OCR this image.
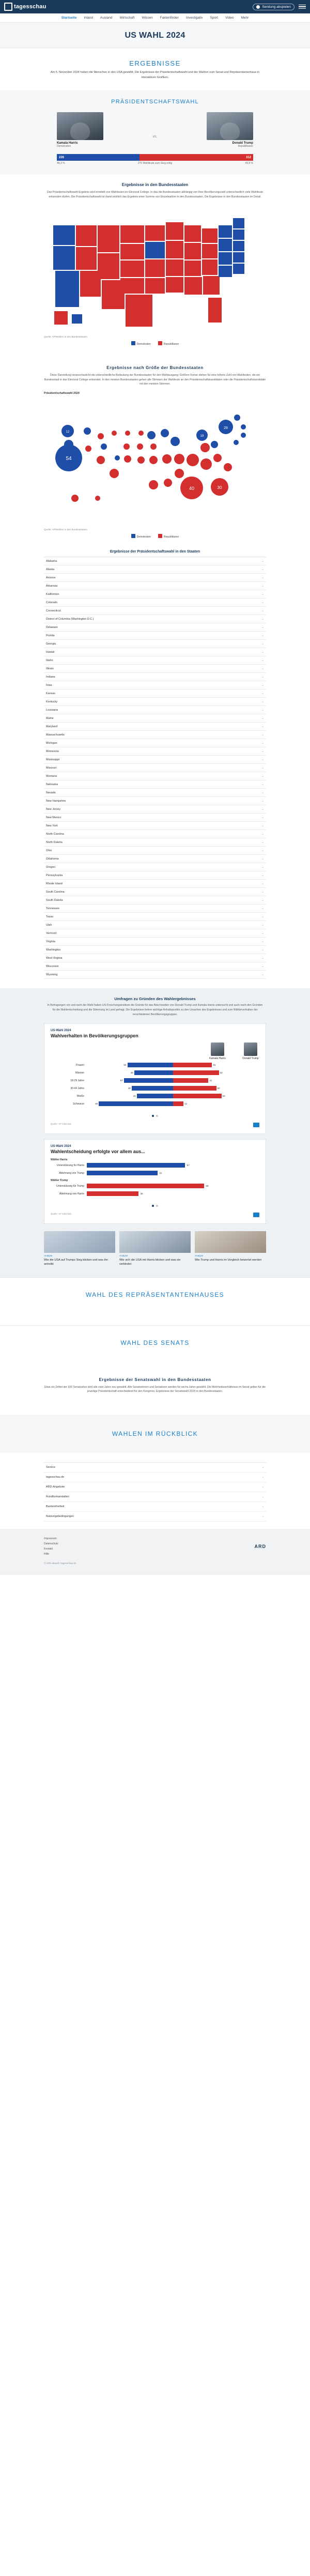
tagesschau	Sendung abspielen
Startseite Inland Ausland Wirtschaft Wissen Faktenfinder Investigativ Sport Video Mehr
US WAHL 2024
ERGEBNISSE

Am 5. November 2024 haben die Menschen in den USA gewählt. Die Ergebnisse der Präsidentschaftswahl und der Wahlen zum Senat und Repräsentantenhaus in interaktiven Grafiken.

PRÄSIDENTSCHAFTSWAHL
Kamala Harris
Demokraten
vs.
Donald Trump
Republikaner
226	312
48,3 %	270 Wahlleute zum Sieg nötig	49,9 %
Ergebnisse in den Bundesstaaten

Das Präsidentschaftswahl-Ergebnis wird ermittelt von Wahlleuten im Electoral College. In das die Bundesstaaten abhängig von ihrer Bevölkerungszahl unterschiedlich viele Wahlleute entsenden dürfen. Die Präsidentschaftswahl ist damit letztlich das Ergebnis einer Summe von Einzelwahlen in den Bundesstaaten. Die Ergebnisse in den Bundesstaaten im Detail.

Quelle: AP/Wahlen in den Bundesstaaten
Demokraten	Republikaner
Ergebnisse nach Größe der Bundesstaaten

Diese Darstellung veranschaulicht die unterschiedliche Bedeutung der Bundesstaaten für den Wahlausgang: Größere Kreise stehen für eine höhere Zahl von Wahlleuten, die ein Bundesstaat in das Electoral College entsendet. In den meisten Bundesstaaten gehen alle Stimmen der Wahlleute an den Präsidentschaftskandidaten oder die Präsidentschaftskandidatin mit den meisten Stimmen.

Präsidentschaftswahl 2024
54
12
28
19
40	30
Quelle: AP/Wahlen in den Bundesstaaten
Demokraten	Republikaner
Ergebnisse der Präsidentschaftswahl in den Staaten
Alabama	⌄
Alaska	⌄
Arizona	⌄
Arkansas	⌄
Kalifornien	⌄
Colorado	⌄
Connecticut	⌄
District of Columbia (Washington D.C.)	⌄
Delaware	⌄
Florida	⌄
Georgia	⌄
Hawaii	⌄
Idaho	⌄
Illinois	⌄
Indiana	⌄
Iowa	⌄
Kansas	⌄
Kentucky	⌄
Louisiana	⌄
Maine	⌄
Maryland	⌄
Massachusetts	⌄
Michigan	⌄
Minnesota	⌄
Mississippi	⌄
Missouri	⌄
Montana	⌄
Nebraska	⌄
Nevada	⌄
New Hampshire	⌄
New Jersey	⌄
New Mexico	⌄
New York	⌄
North Carolina	⌄
North Dakota	⌄
Ohio	⌄
Oklahoma	⌄
Oregon	⌄
Pennsylvania	⌄
Rhode Island	⌄
South Carolina	⌄
South Dakota	⌄
Tennessee	⌄
Texas	⌄
Utah	⌄
Vermont	⌄
Virginia	⌄
Washington	⌄
West Virginia	⌄
Wisconsin	⌄
Wyoming	⌄
Umfragen zu Gründen des Wahlergebnisses
In Befragungen vor und nach der Wahl haben US-Forschungsinstitute die Gründe für das Abschneiden von Donald Trump und Kamala Harris untersucht und auch nach den Gründen für die Wahlentscheidung und die Stimmung im Land gefragt. Die Ergebnisse liefern wichtige Anhaltspunkte zu den Ursachen des Ergebnisses und zum Wählerverhalten der verschiedenen Bevölkerungsgruppen.
US-Wahl 2024
Wahlverhalten in Bevölkerungsgruppen
Kamala Harris	Donald Trump
Frauen	53	45
Männer	45	53
18-29 Jahre	57	41
30-44 Jahre	48	50
Weiße	42	56
Schwarze	86	12
Quelle: AP VoteCast
US-Wahl 2024
Wahlentscheidung erfolgte vor allem aus...
Wähler Harris
Unterstützung für Harris	57
Ablehnung von Trump	41
Wähler Trump
Unterstützung für Trump	68
Ablehnung von Harris	30
Quelle: AP VoteCast
Analyse
Wie die USA auf Trumps Sieg blicken und was ihn antreibt
Analyse
Wie sich die USA mit Harris blicken und was sie verbindet
Analyse
Wie Trump und Harris im Vergleich bewertet werden
WAHL DES REPRÄSENTANTENHAUSES
WAHL DES SENATS
Ergebnisse der Senatswahl in den Bundesstaaten

Etwa ein Drittel der 100 Senatssitze wird alle zwei Jahre neu gewählt. Alle Senatorinnen und Senatoren werden für sechs Jahre gewählt. Die Mehrheitsverhältnisse im Senat gelten für die jeweilige Präsidentschaft entscheidend für den Kongress. Ergebnisse der Senatswahl 2024 in den Bundesstaaten.

WAHLEN IM RÜCKBLICK
Service	⌄
tagesschau.de	⌄
ARD-Angebote	⌄
Rundfunkanstalten	⌄
Barrierefreiheit	⌄
Nutzungsbedingungen	⌄
Impressum
Datenschutz
Kontakt
Hilfe
ARD
© ARD-aktuell / tagesschau.de
